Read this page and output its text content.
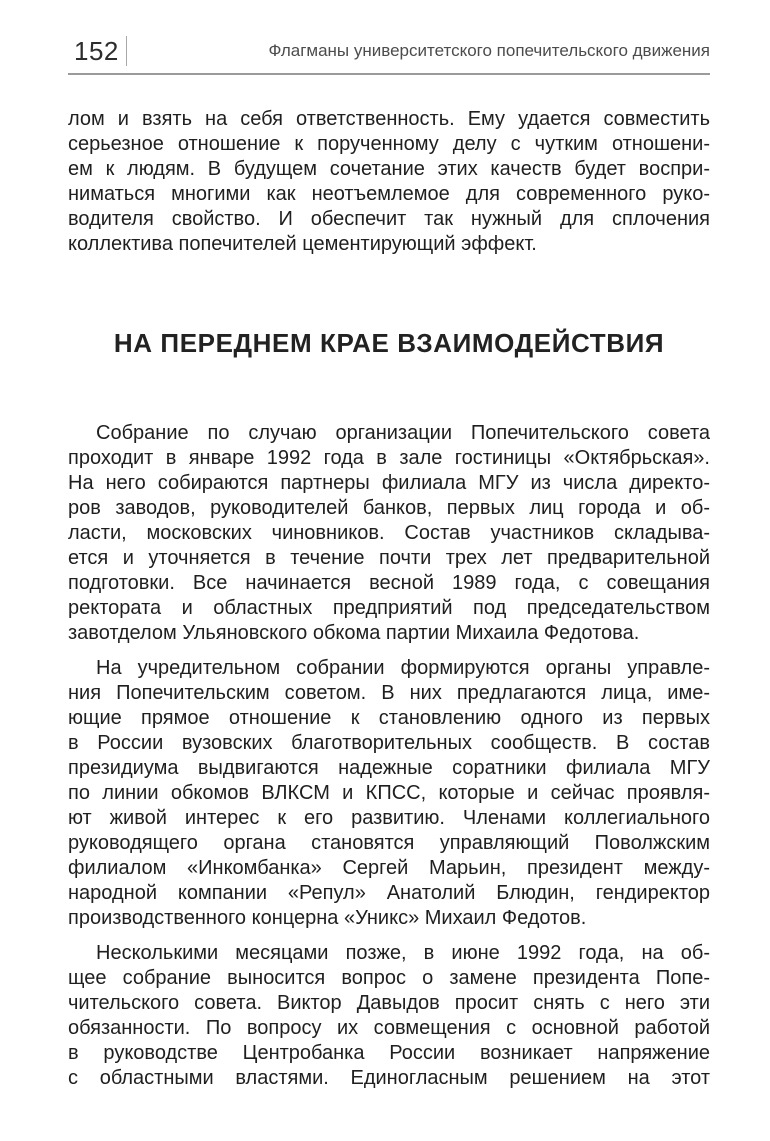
152	Флагманы университетского попечительского движения

лом и взять на себя ответственность. Ему удается совместить
серьезное отношение к порученному делу с чутким отношени-
ем к людям. В будущем сочетание этих качеств будет воспри-
ниматься многими как неотъемлемое для современного руко-
водителя свойство. И обеспечит так нужный для сплочения
коллектива попечителей цементирующий эффект.

НА ПЕРЕДНЕМ КРАЕ ВЗАИМОДЕЙСТВИЯ

Собрание по случаю организации Попечительского совета
проходит в январе 1992 года в зале гостиницы «Октябрьская».
На него собираются партнеры филиала МГУ из числа директо-
ров заводов, руководителей банков, первых лиц города и об-
ласти, московских чиновников. Состав участников складыва-
ется и уточняется в течение почти трех лет предварительной
подготовки. Все начинается весной 1989 года, с совещания
ректората и областных предприятий под председательством
завотделом Ульяновского обкома партии Михаила Федотова.

На учредительном собрании формируются органы управле-
ния Попечительским советом. В них предлагаются лица, име-
ющие прямое отношение к становлению одного из первых
в России вузовских благотворительных сообществ. В состав
президиума выдвигаются надежные соратники филиала МГУ
по линии обкомов ВЛКСМ и КПСС, которые и сейчас проявля-
ют живой интерес к его развитию. Членами коллегиального
руководящего органа становятся управляющий Поволжским
филиалом «Инкомбанка» Сергей Марьин, президент между-
народной компании «Репул» Анатолий Блюдин, гендиректор
производственного концерна «Уникс» Михаил Федотов.

Несколькими месяцами позже, в июне 1992 года, на об-
щее собрание выносится вопрос о замене президента Попе-
чительского совета. Виктор Давыдов просит снять с него эти
обязанности. По вопросу их совмещения с основной работой
в руководстве Центробанка России возникает напряжение
с областными властями. Единогласным решением на этот
